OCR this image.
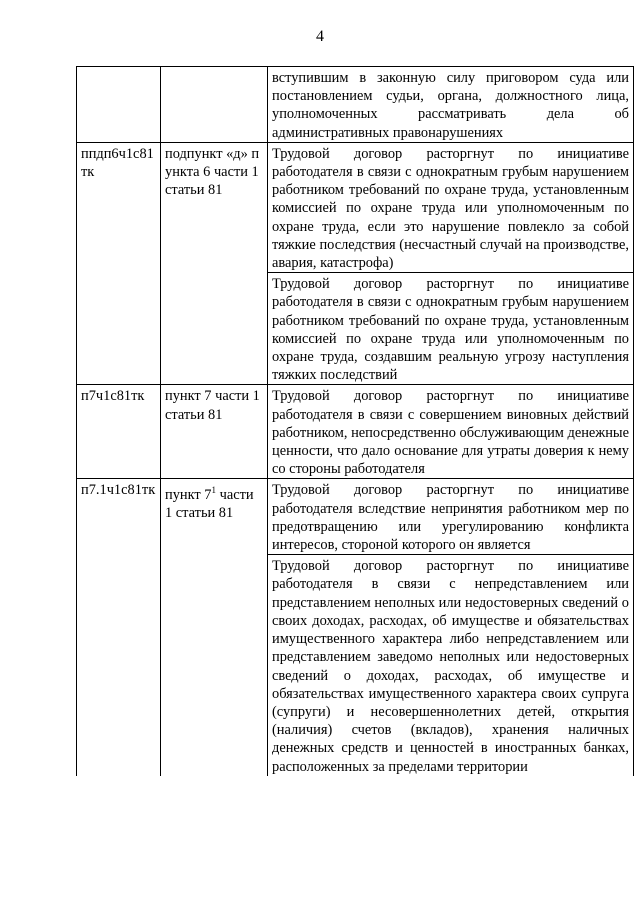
4
		вступившим в законную силу приговором суда или постановлением судьи, органа, должностного лица, уполномоченных рассматривать дела об административных правонарушениях
ппдп6ч1с81тк	подпункт «д» пункта 6 части 1 статьи 81	Трудовой договор расторгнут по инициативе работодателя в связи с однократным грубым нарушением работником требований по охране труда, установленным комиссией по охране труда или уполномоченным по охране труда, если это нарушение повлекло за собой тяжкие последствия (несчастный случай на производстве, авария, катастрофа)
		Трудовой договор расторгнут по инициативе работодателя в связи с однократным грубым нарушением работником требований по охране труда, установленным комиссией по охране труда или уполномоченным по охране труда, создавшим реальную угрозу наступления тяжких последствий
п7ч1с81тк	пункт 7 части 1 статьи 81	Трудовой договор расторгнут по инициативе работодателя в связи с совершением виновных действий работником, непосредственно обслуживающим денежные ценности, что дало основание для утраты доверия к нему со стороны работодателя
п7.1ч1с81тк	пункт $7^1$ части 1 статьи 81	Трудовой договор расторгнут по инициативе работодателя вследствие непринятия работником мер по предотвращению или урегулированию конфликта интересов, стороной которого он является
		Трудовой договор расторгнут по инициативе работодателя в связи с непредставлением или представлением неполных или недостоверных сведений о своих доходах, расходах, об имуществе и обязательствах имущественного характера либо непредставлением или представлением заведомо неполных или недостоверных сведений о доходах, расходах, об имуществе и обязательствах имущественного характера своих супруга (супруги) и несовершеннолетних детей, открытия (наличия) счетов (вкладов), хранения наличных денежных средств и ценностей в иностранных банках, расположенных за пределами территории
